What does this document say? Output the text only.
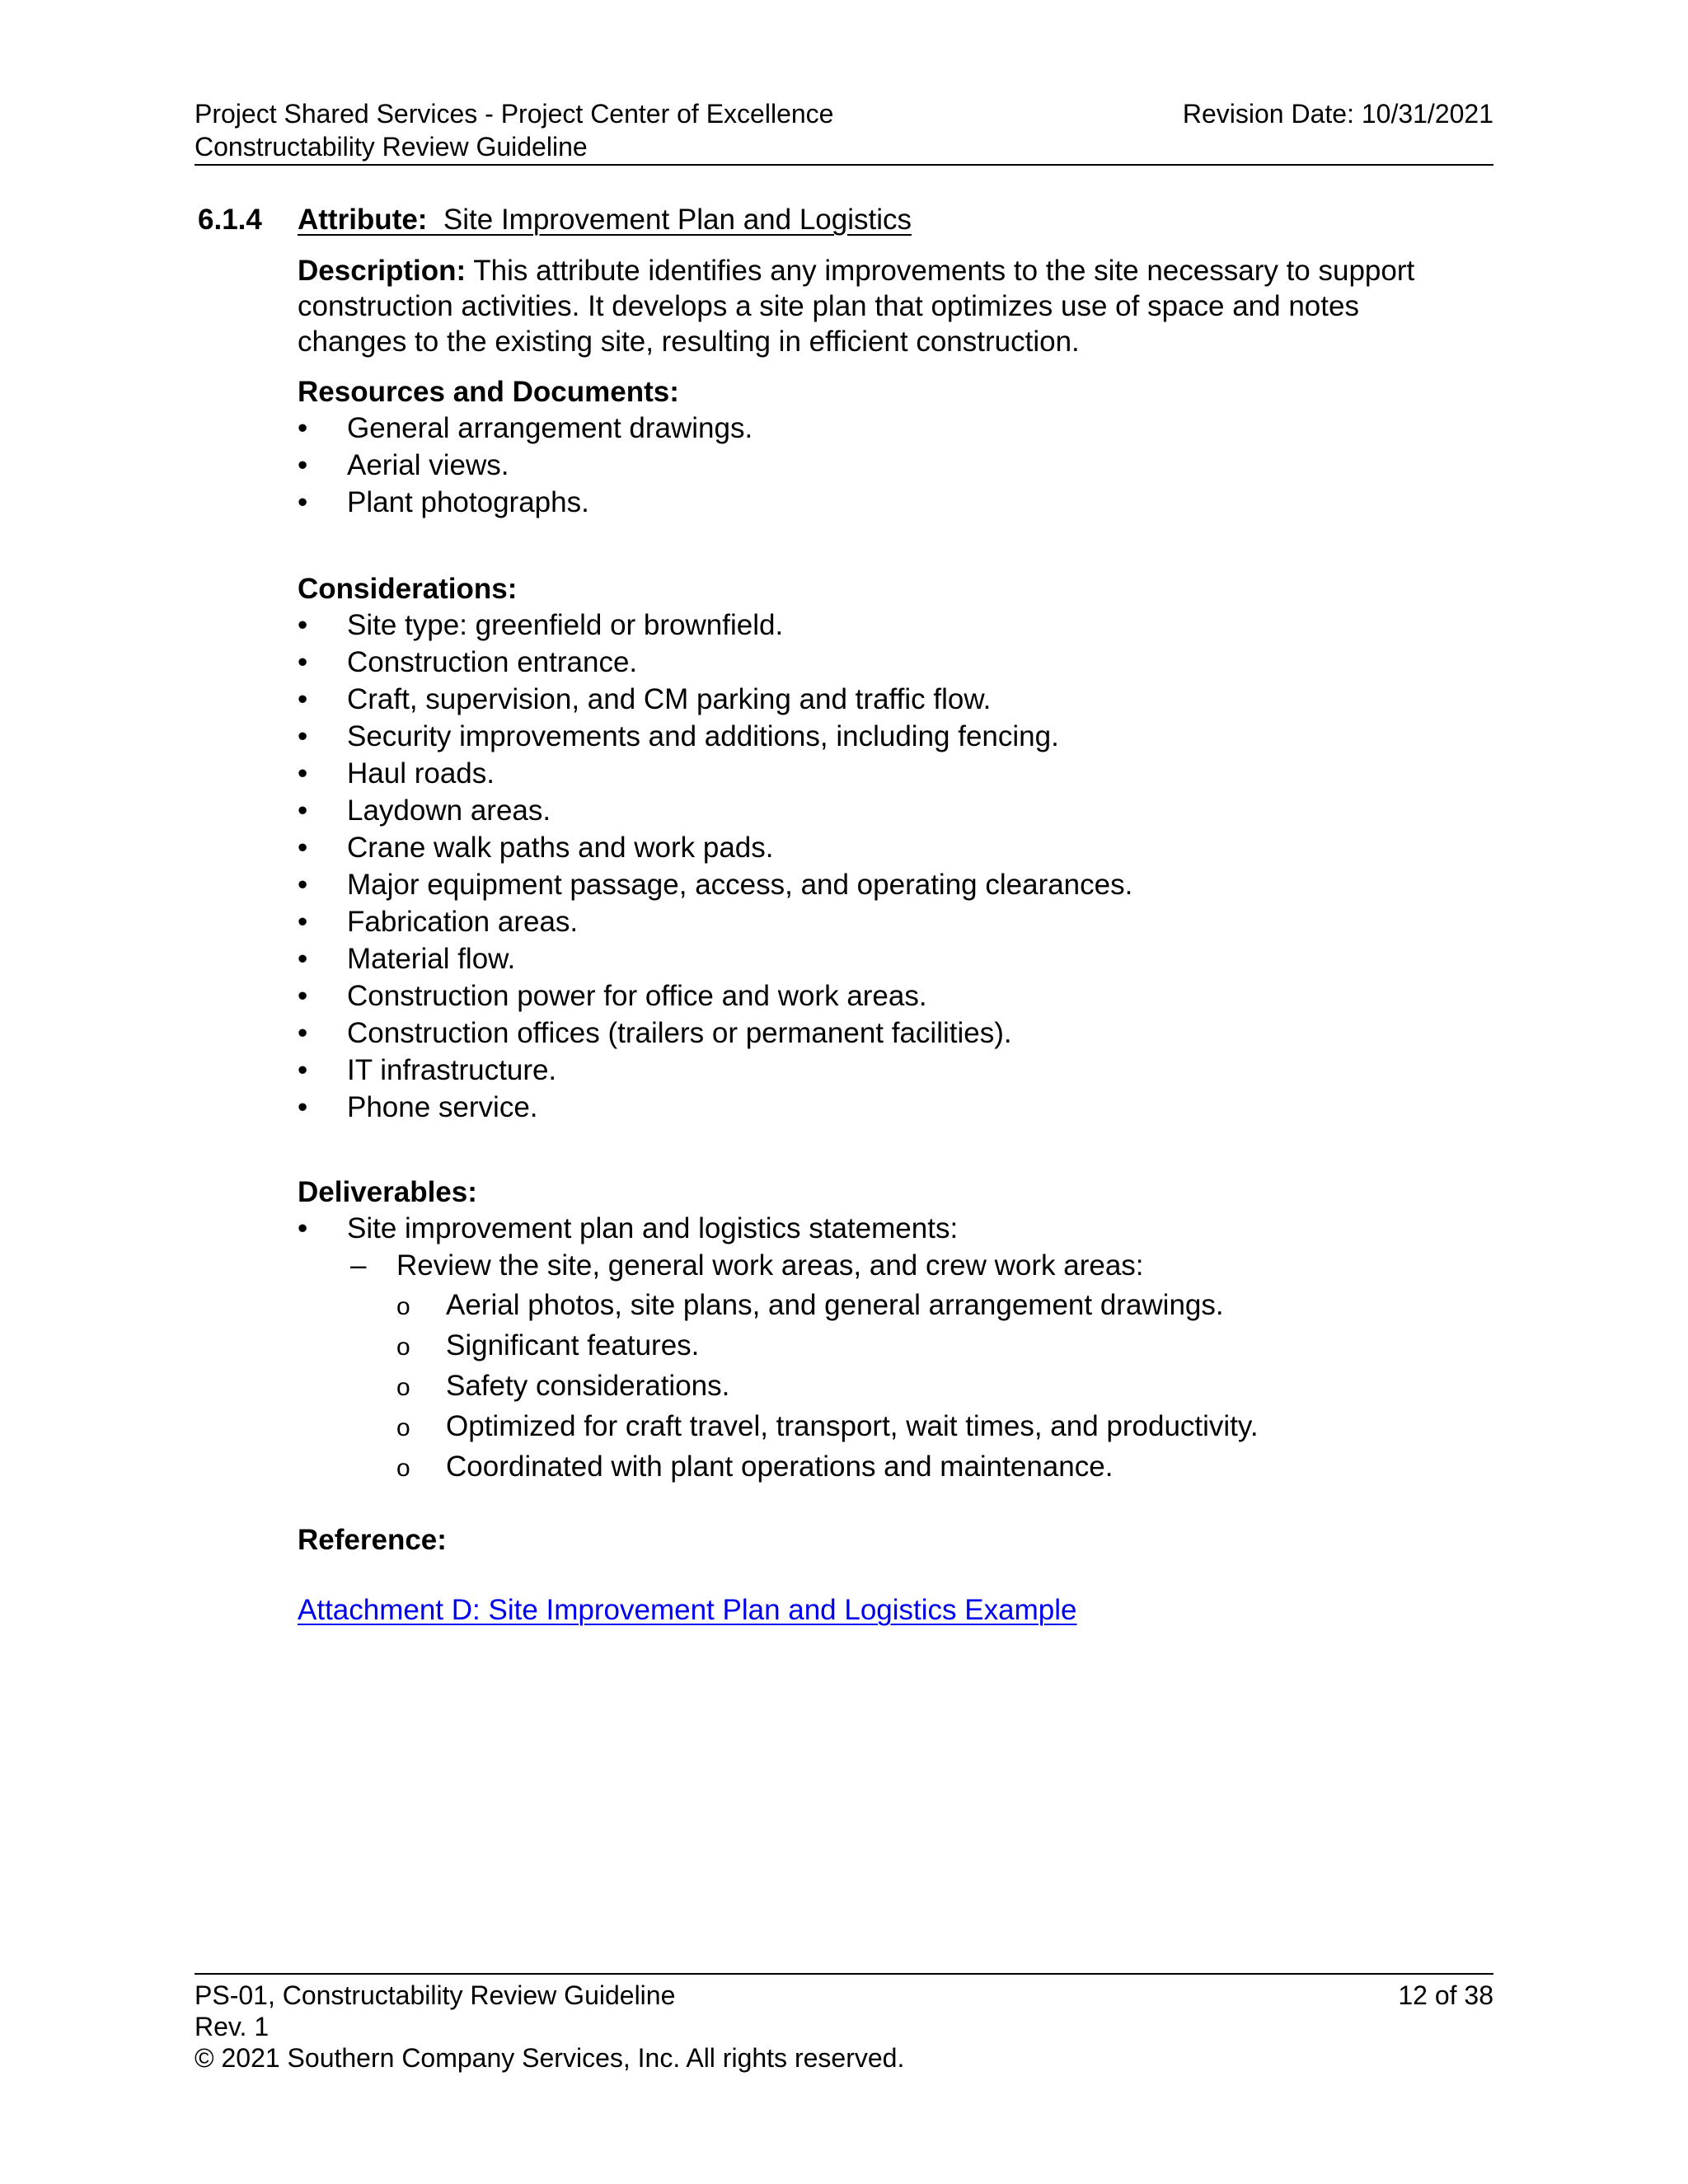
Project Shared Services - Project Center of Excellence	Revision Date: 10/31/2021
Constructability Review Guideline
6.1.4 Attribute: Site Improvement Plan and Logistics
Description: This attribute identifies any improvements to the site necessary to support
construction activities. It develops a site plan that optimizes use of space and notes
changes to the existing site, resulting in efficient construction.
Resources and Documents:
• General arrangement drawings.
• Aerial views.
• Plant photographs.
Considerations:
• Site type: greenfield or brownfield.
• Construction entrance.
• Craft, supervision, and CM parking and traffic flow.
• Security improvements and additions, including fencing.
• Haul roads.
• Laydown areas.
• Crane walk paths and work pads.
• Major equipment passage, access, and operating clearances.
• Fabrication areas.
• Material flow.
• Construction power for office and work areas.
• Construction offices (trailers or permanent facilities).
• IT infrastructure.
• Phone service.
Deliverables:
• Site improvement plan and logistics statements:
– Review the site, general work areas, and crew work areas:
o Aerial photos, site plans, and general arrangement drawings.
o Significant features.
o Safety considerations.
o Optimized for craft travel, transport, wait times, and productivity.
o Coordinated with plant operations and maintenance.
Reference:
Attachment D: Site Improvement Plan and Logistics Example
PS-01, Constructability Review Guideline	12 of 38
Rev. 1
© 2021 Southern Company Services, Inc. All rights reserved.
